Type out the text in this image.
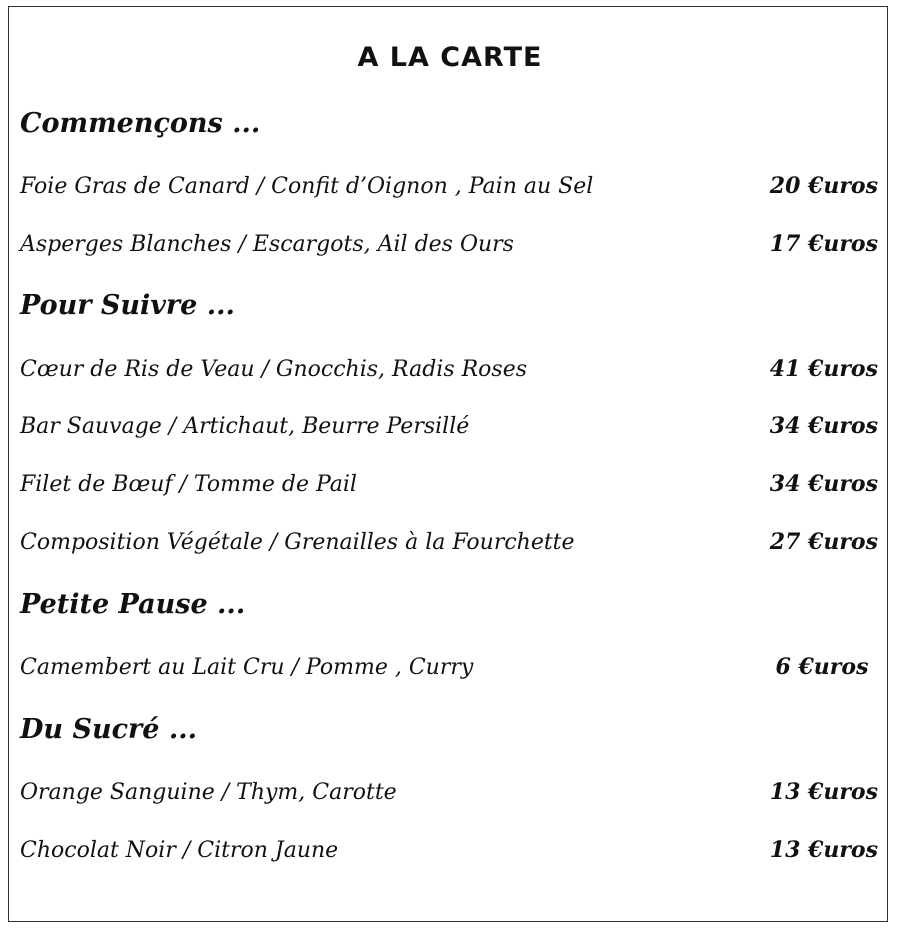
A LA CARTE
Commençons ...
Foie Gras de Canard / Confit d’Oignon , Pain au Sel	20 €uros
Asperges Blanches / Escargots, Ail des Ours	17 €uros
Pour Suivre ...
Cœur de Ris de Veau / Gnocchis, Radis Roses	41 €uros
Bar Sauvage / Artichaut, Beurre Persillé	34 €uros
Filet de Bœuf / Tomme de Pail	34 €uros
Composition Végétale / Grenailles à la Fourchette	27 €uros
Petite Pause ...
Camembert au Lait Cru / Pomme , Curry	6 €uros
Du Sucré ...
Orange Sanguine / Thym, Carotte	13 €uros
Chocolat Noir / Citron Jaune	13 €uros
